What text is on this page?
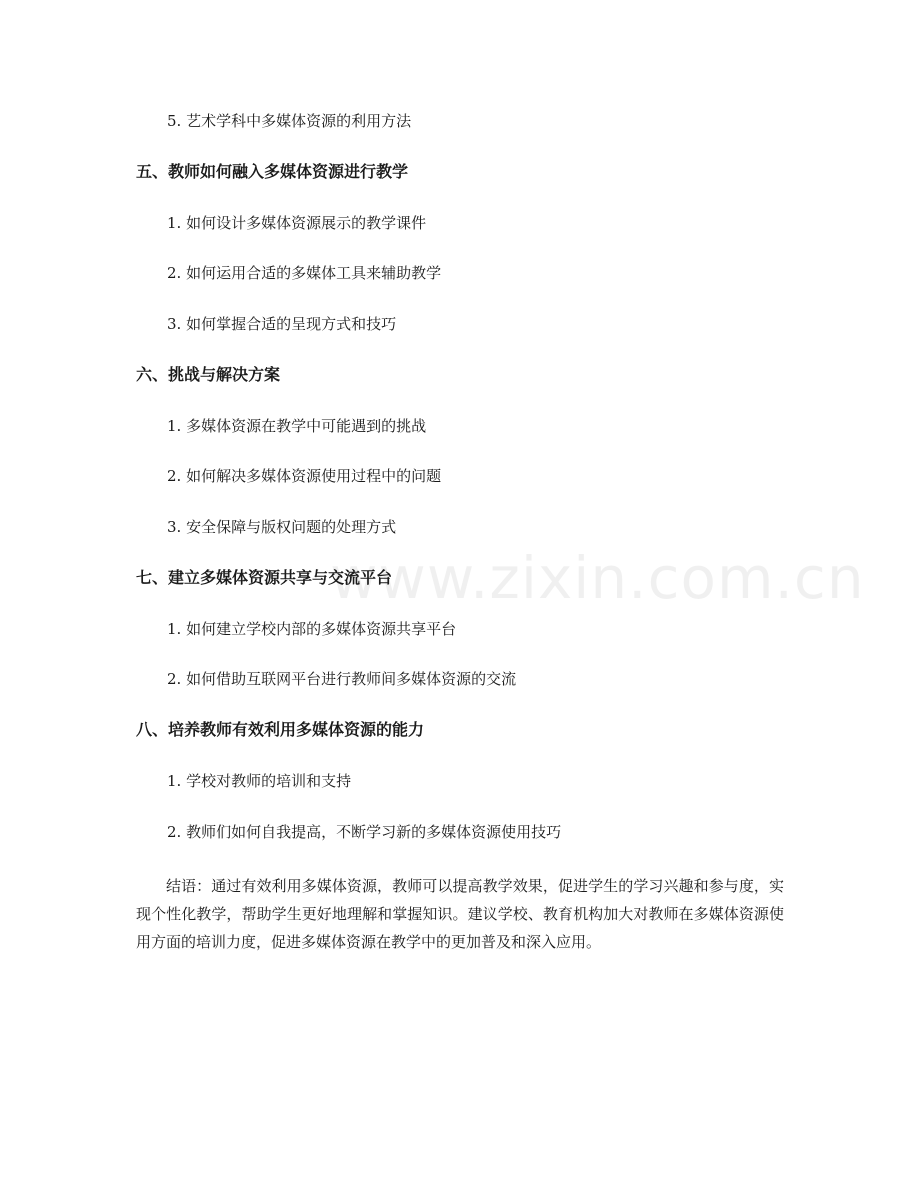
www.zixin.com.cn
5. 艺术学科中多媒体资源的利用方法
五、教师如何融入多媒体资源进行教学
1. 如何设计多媒体资源展示的教学课件
2. 如何运用合适的多媒体工具来辅助教学
3. 如何掌握合适的呈现方式和技巧
六、挑战与解决方案
1. 多媒体资源在教学中可能遇到的挑战
2. 如何解决多媒体资源使用过程中的问题
3. 安全保障与版权问题的处理方式
七、建立多媒体资源共享与交流平台
1. 如何建立学校内部的多媒体资源共享平台
2. 如何借助互联网平台进行教师间多媒体资源的交流
八、培养教师有效利用多媒体资源的能力
1. 学校对教师的培训和支持
2. 教师们如何自我提高，不断学习新的多媒体资源使用技巧
结语：通过有效利用多媒体资源，教师可以提高教学效果，促进学生的学习兴趣和参与度，实现个性化教学，帮助学生更好地理解和掌握知识。建议学校、教育机构加大对教师在多媒体资源使用方面的培训力度，促进多媒体资源在教学中的更加普及和深入应用。
